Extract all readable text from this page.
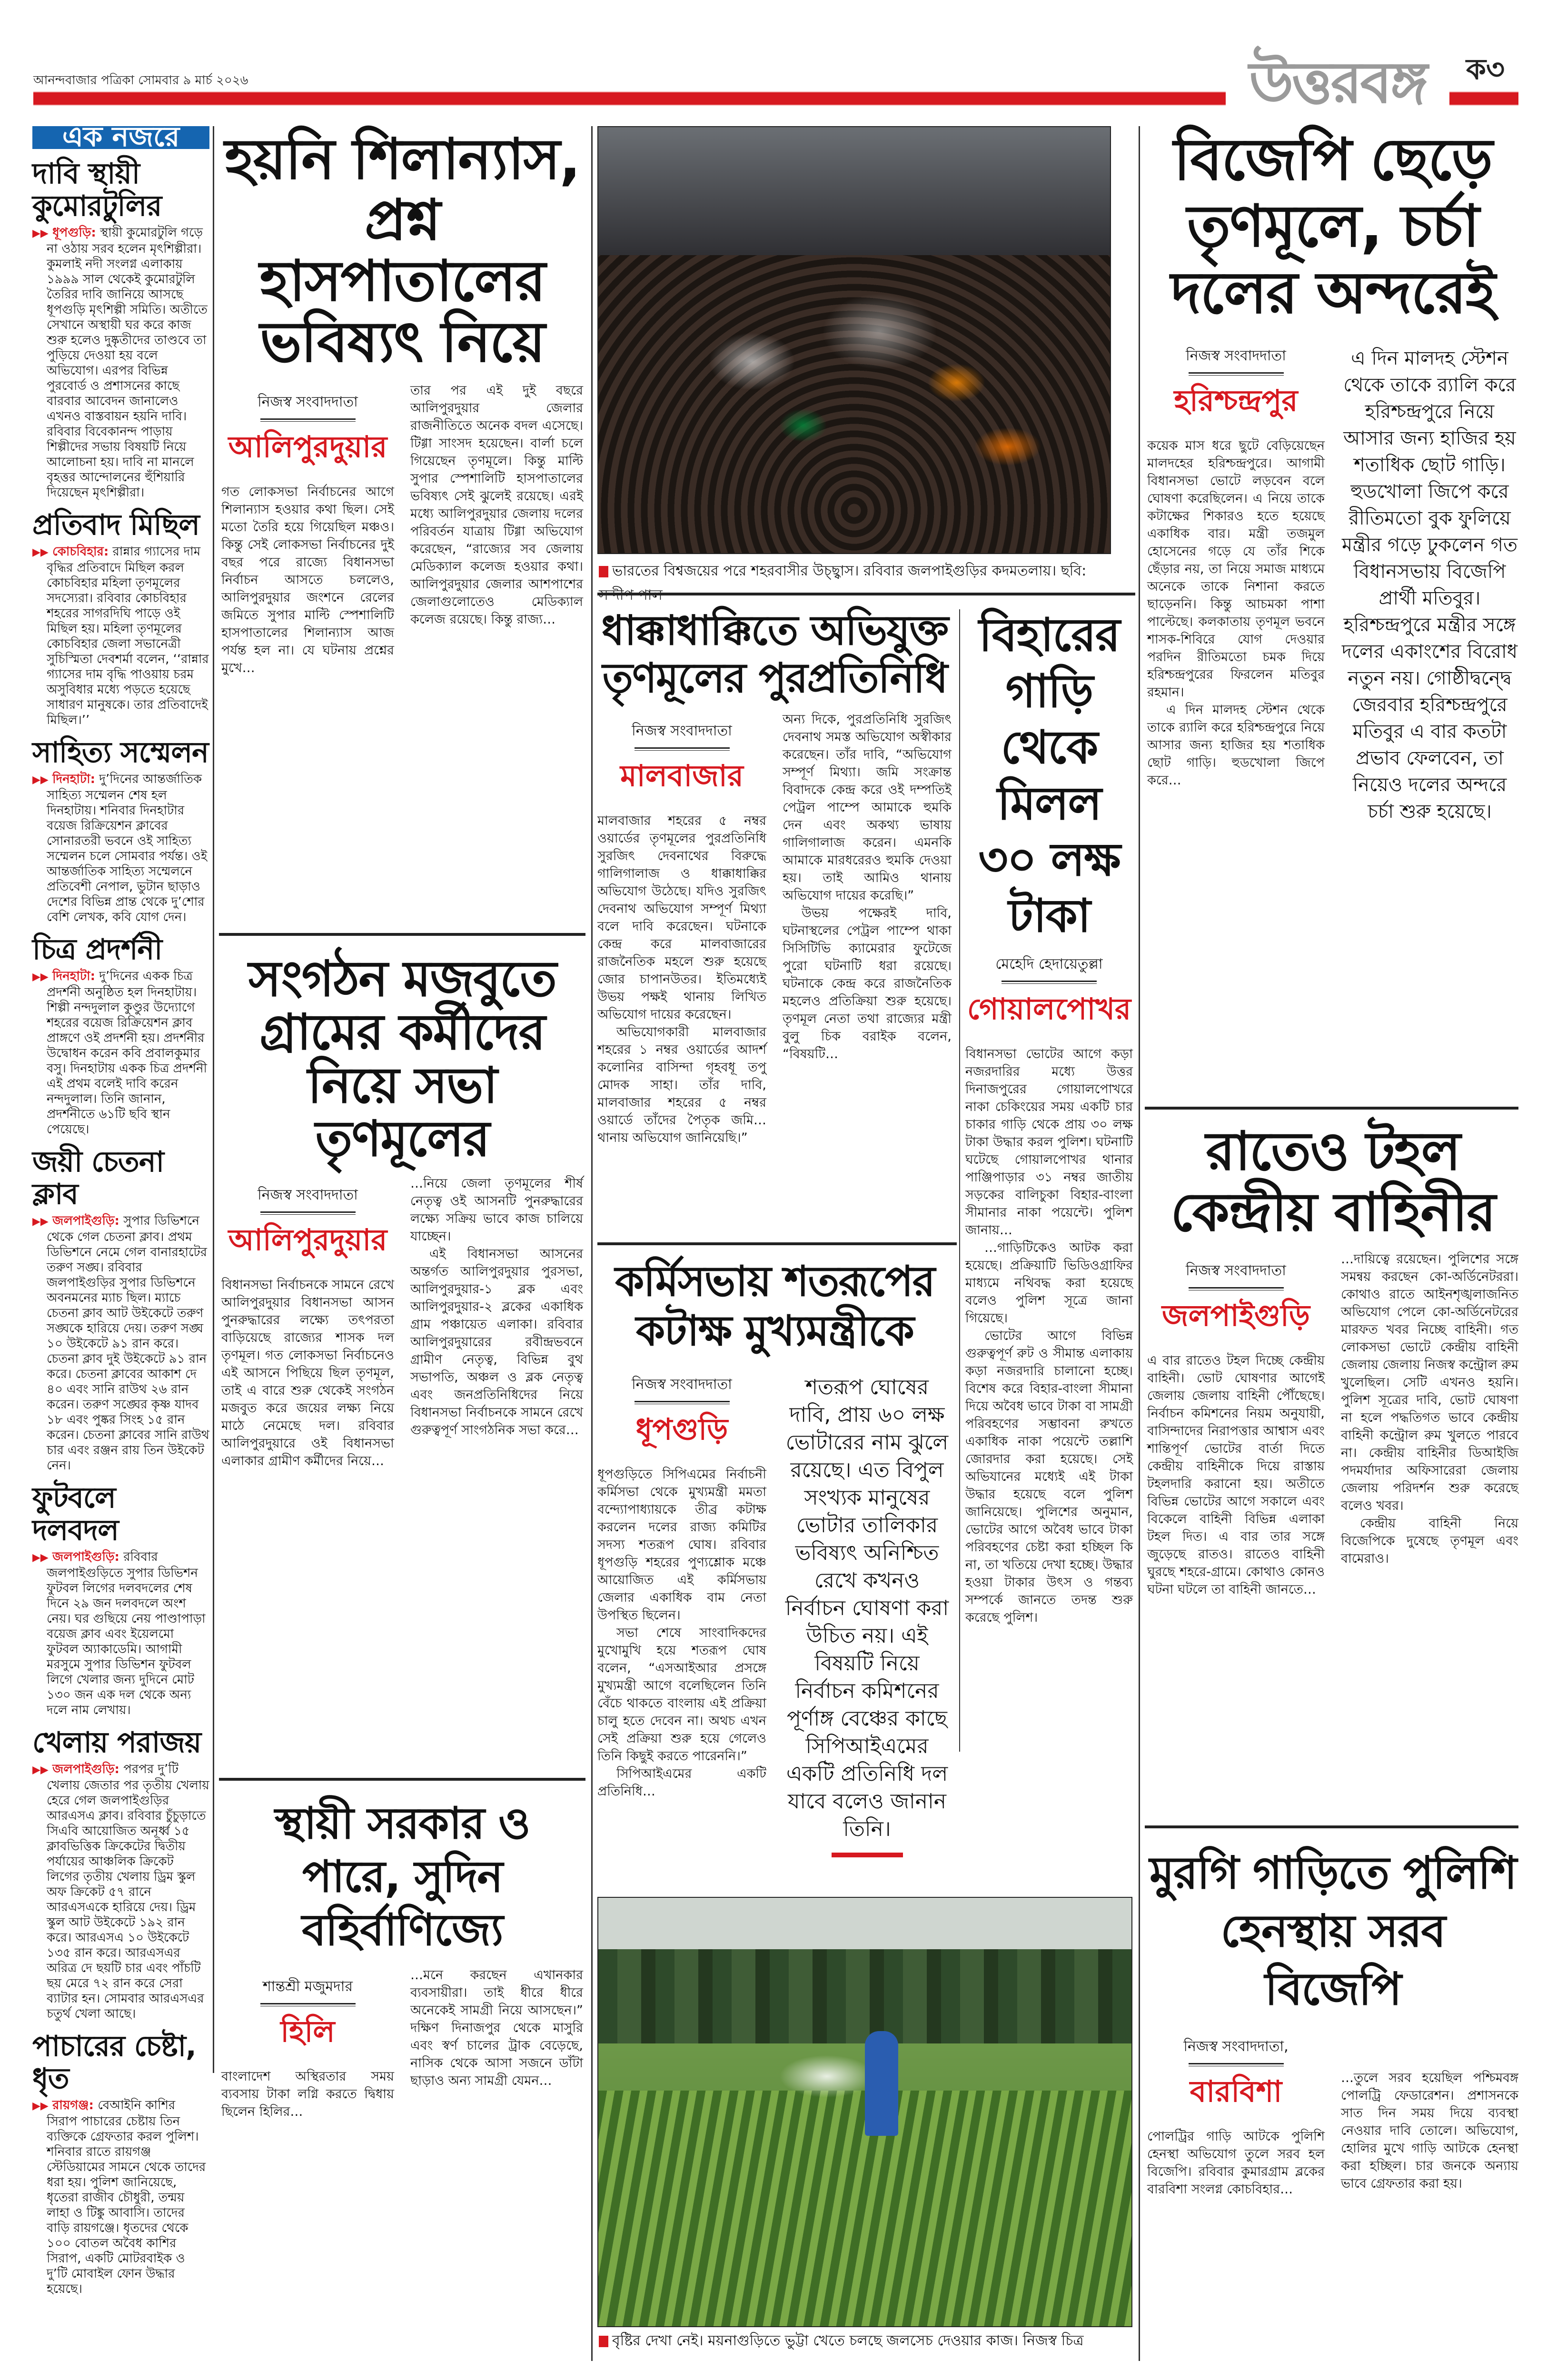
আনন্দবাজার পত্রিকা সোমবার ৯ মার্চ ২০২৬	উত্তরবঙ্গ	ক৩
এক নজরে
দাবি স্থায়ী কুমোরটুলির

▶▶ ধূপগুড়ি: স্থায়ী কুমোরটুলি গড়ে না ওঠায় সরব হলেন মৃৎশিল্পীরা। কুমলাই নদী সংলগ্ন এলাকায় ১৯৯৯ সাল থেকেই কুমোরটুলি তৈরির দাবি জানিয়ে আসছে ধূপগুড়ি মৃৎশিল্পী সমিতি। অতীতে সেখানে অস্থায়ী ঘর করে কাজ শুরু হলেও দুষ্কৃতীদের তাণ্ডবে তা পুড়িয়ে দেওয়া হয় বলে অভিযোগ। এরপর বিভিন্ন পুরবোর্ড ও প্রশাসনের কাছে বারবার আবেদন জানালেও এখনও বাস্তবায়ন হয়নি দাবি। রবিবার বিবেকানন্দ পাড়ায় শিল্পীদের সভায় বিষয়টি নিয়ে আলোচনা হয়। দাবি না মানলে বৃহত্তর আন্দোলনের হুঁশিয়ারি দিয়েছেন মৃৎশিল্পীরা।

প্রতিবাদ মিছিল

▶▶ কোচবিহার: রান্নার গ্যাসের দাম বৃদ্ধির প্রতিবাদে মিছিল করল কোচবিহার মহিলা তৃণমূলের সদস্যেরা। রবিবার কোচবিহার শহরের সাগরদিঘি পাড়ে ওই মিছিল হয়। মহিলা তৃণমূলের কোচবিহার জেলা সভানেত্রী সুচিস্মিতা দেবশর্মা বলেন, ‘‘রান্নার গ্যাসের দাম বৃদ্ধি পাওয়ায় চরম অসুবিধার মধ্যে পড়তে হয়েছে সাধারণ মানুষকে। তার প্রতিবাদেই মিছিল।’’

সাহিত্য সম্মেলন

▶▶ দিনহাটা: দু’দিনের আন্তর্জাতিক সাহিত্য সম্মেলন শেষ হল দিনহাটায়। শনিবার দিনহাটার বয়েজ রিক্রিয়েশন ক্লাবের সোনারতরী ভবনে ওই সাহিত্য সম্মেলন চলে সোমবার পর্যন্ত। ওই আন্তর্জাতিক সাহিত্য সম্মেলনে প্রতিবেশী নেপাল, ভুটান ছাড়াও দেশের বিভিন্ন প্রান্ত থেকে দু’শোর বেশি লেখক, কবি যোগ দেন।

চিত্র প্রদর্শনী

▶▶ দিনহাটা: দু’দিনের একক চিত্র প্রদর্শনী অনুষ্ঠিত হল দিনহাটায়। শিল্পী নন্দদুলাল কুণ্ডুর উদ্যোগে শহরের বয়েজ রিক্রিয়েশন ক্লাব প্রাঙ্গণে ওই প্রদর্শনী হয়। প্রদর্শনীর উদ্বোধন করেন কবি প্রবালকুমার বসু। দিনহাটায় একক চিত্র প্রদর্শনী এই প্রথম বলেই দাবি করেন নন্দদুলাল। তিনি জানান, প্রদর্শনীতে ৬১টি ছবি স্থান পেয়েছে।

জয়ী চেতনা ক্লাব

▶▶ জলপাইগুড়ি: সুপার ডিভিশনে থেকে গেল চেতনা ক্লাব। প্রথম ডিভিশনে নেমে গেল বানারহাটের তরুণ সঙ্ঘ। রবিবার জলপাইগুড়ির সুপার ডিভিশনে অবনমনের ম্যাচ ছিল। ম্যাচে চেতনা ক্লাব আট উইকেটে তরুণ সঙ্ঘকে হারিয়ে দেয়। তরুণ সঙ্ঘ ১০ উইকেটে ৯১ রান করে। চেতনা ক্লাব দুই উইকেটে ৯১ রান করে। চেতনা ক্লাবের আকাশ দে ৪০ এবং সানি রাউথ ২৬ রান করেন। তরুণ সঙ্ঘের কৃষ্ণ যাদব ১৮ এবং পুষ্কর সিংহ ১৫ রান করেন। চেতনা ক্লাবের সানি রাউথ চার এবং রঞ্জন রায় তিন উইকেট নেন।

ফুটবলে দলবদল

▶▶ জলপাইগুড়ি: রবিবার জলপাইগুড়িতে সুপার ডিভিশন ফুটবল লিগের দলবদলের শেষ দিনে ২৯ জন দলবদলে অংশ নেয়। ঘর গুছিয়ে নেয় পাণ্ডাপাড়া বয়েজ ক্লাব এবং ইয়েলমো ফুটবল অ্যাকাডেমি। আগামী মরসুমে সুপার ডিভিশন ফুটবল লিগে খেলার জন্য দুদিনে মোট ১৩০ জন এক দল থেকে অন্য দলে নাম লেখায়।

খেলায় পরাজয়

▶▶ জলপাইগুড়ি: পরপর দু’টি খেলায় জেতার পর তৃতীয় খেলায় হেরে গেল জলপাইগুড়ির আরএসএ ক্লাব। রবিবার চুঁচুড়াতে সিএবি আয়োজিত অনূর্ধ্ব ১৫ ক্লাবভিত্তিক ক্রিকেটের দ্বিতীয় পর্যায়ের আঞ্চলিক ক্রিকেট লিগের তৃতীয় খেলায় ড্রিম স্কুল অফ ক্রিকেট ৫৭ রানে আরএসএকে হারিয়ে দেয়। ড্রিম স্কুল আট উইকেটে ১৯২ রান করে। আরএসএ ১০ উইকেটে ১৩৫ রান করে। আরএসএর অরিত্র দে ছয়টি চার এবং পাঁচটি ছয় মেরে ৭২ রান করে সেরা ব্যাটার হন। সোমবার আরএসএর চতুর্থ খেলা আছে।

পাচারের চেষ্টা, ধৃত

▶▶ রায়গঞ্জ: বেআইনি কাশির সিরাপ পাচারের চেষ্টায় তিন ব্যক্তিকে গ্রেফতার করল পুলিশ। শনিবার রাতে রায়গঞ্জ স্টেডিয়ামের সামনে থেকে তাদের ধরা হয়। পুলিশ জানিয়েছে, ধৃতেরা রাজীব চৌধুরী, তন্ময় লাহা ও টিঙ্কু আবাসি। তাদের বাড়ি রায়গঞ্জে। ধৃতদের থেকে ১০০ বোতল অবৈধ কাশির সিরাপ, একটি মোটরবাইক ও দু’টি মোবাইল ফোন উদ্ধার হয়েছে।

হয়নি শিলান্যাস, প্রশ্ন হাসপাতালের ভবিষ্যৎ নিয়ে
নিজস্ব সংবাদদাতা
আলিপুরদুয়ার

গত লোকসভা নির্বাচনের আগে শিলান্যাস হওয়ার কথা ছিল। সেই মতো তৈরি হয়ে গিয়েছিল মঞ্চও। কিন্তু সেই লোকসভা নির্বাচনের দুই বছর পরে রাজ্যে বিধানসভা নির্বাচন আসতে চললেও, আলিপুরদুয়ার জংশনে রেলের জমিতে সুপার মাল্টি স্পেশালিটি হাসপাতালের শিলান্যাস আজ পর্যন্ত হল না। যে ঘটনায় প্রশ্নের মুখে…

তার পর এই দুই বছরে আলিপুরদুয়ার জেলার রাজনীতিতে অনেক বদল এসেছে। টিগ্গা সাংসদ হয়েছেন। বার্লা চলে গিয়েছেন তৃণমূলে। কিন্তু মাল্টি সুপার স্পেশালিটি হাসপাতালের ভবিষ্যৎ সেই ঝুলেই রয়েছে। এরই মধ্যে আলিপুরদুয়ার জেলায় দলের পরিবর্তন যাত্রায় টিগ্গা অভিযোগ করেছেন, “রাজ্যের সব জেলায় মেডিক্যাল কলেজ হওয়ার কথা। আলিপুরদুয়ার জেলার আশপাশের জেলাগুলোতেও মেডিক্যাল কলেজ রয়েছে। কিন্তু রাজ্য…

সংগঠন মজবুতে গ্রামের কর্মীদের নিয়ে সভা তৃণমূলের
নিজস্ব সংবাদদাতা
আলিপুরদুয়ার

বিধানসভা নির্বাচনকে সামনে রেখে আলিপুরদুয়ার বিধানসভা আসন পুনরুদ্ধারের লক্ষ্যে তৎপরতা বাড়িয়েছে রাজ্যের শাসক দল তৃণমূল। গত লোকসভা নির্বাচনেও এই আসনে পিছিয়ে ছিল তৃণমূল, তাই এ বারে শুরু থেকেই সংগঠন মজবুত করে জয়ের লক্ষ্য নিয়ে মাঠে নেমেছে দল। রবিবার আলিপুরদুয়ারে ওই বিধানসভা এলাকার গ্রামীণ কর্মীদের নিয়ে…

…নিয়ে জেলা তৃণমূলের শীর্ষ নেতৃত্ব ওই আসনটি পুনরুদ্ধারের লক্ষ্যে সক্রিয় ভাবে কাজ চালিয়ে যাচ্ছেন।

এই বিধানসভা আসনের অন্তর্গত আলিপুরদুয়ার পুরসভা, আলিপুরদুয়ার-১ ব্লক এবং আলিপুরদুয়ার-২ ব্লকের একাধিক গ্রাম পঞ্চায়েত এলাকা। রবিবার আলিপুরদুয়ারের রবীন্দ্রভবনে গ্রামীণ নেতৃত্ব, বিভিন্ন বুথ সভাপতি, অঞ্চল ও ব্লক নেতৃত্ব এবং জনপ্রতিনিধিদের নিয়ে বিধানসভা নির্বাচনকে সামনে রেখে গুরুত্বপূর্ণ সাংগঠনিক সভা করে…

স্থায়ী সরকার ও পারে, সুদিন বহির্বাণিজ্যে
শান্তশ্রী মজুমদার
হিলি

বাংলাদেশ অস্থিরতার সময় ব্যবসায় টাকা লগ্নি করতে দ্বিধায় ছিলেন হিলির…

…মনে করছেন এখানকার ব্যবসায়ীরা। তাই ধীরে ধীরে অনেকেই সামগ্রী নিয়ে আসছেন।” দক্ষিণ দিনাজপুর থেকে মাসুরি এবং স্বর্ণ চালের ট্রাক বেড়েছে, নাসিক থেকে আসা সজনে ডাঁটা ছাড়াও অন্য সামগ্রী যেমন…

ভারতের বিশ্বজয়ের পরে শহরবাসীর উচ্ছ্বাস। রবিবার জলপাইগুড়ির কদমতলায়। ছবি:
ধাক্কাধাক্কিতে অভিযুক্ত তৃণমূলের পুরপ্রতিনিধি
নিজস্ব সংবাদদাতা
মালবাজার

মালবাজার শহরের ৫ নম্বর ওয়ার্ডের তৃণমূলের পুরপ্রতিনিধি সুরজিৎ দেবনাথের বিরুদ্ধে গালিগালাজ ও ধাক্কাধাক্কির অভিযোগ উঠেছে। যদিও সুরজিৎ দেবনাথ অভিযোগ সম্পূর্ণ মিথ্যা বলে দাবি করেছেন। ঘটনাকে কেন্দ্র করে মালবাজারের রাজনৈতিক মহলে শুরু হয়েছে জোর চাপানউতর। ইতিমধ্যেই উভয় পক্ষই থানায় লিখিত অভিযোগ দায়ের করেছেন।

অভিযোগকারী মালবাজার শহরের ১ নম্বর ওয়ার্ডের আদর্শ কলোনির বাসিন্দা গৃহবধূ তপু মোদক সাহা। তাঁর দাবি, মালবাজার শহরের ৫ নম্বর ওয়ার্ডে তাঁদের পৈতৃক জমি… থানায় অভিযোগ জানিয়েছি।”

অন্য দিকে, পুরপ্রতিনিধি সুরজিৎ দেবনাথ সমস্ত অভিযোগ অস্বীকার করেছেন। তাঁর দাবি, “অভিযোগ সম্পূর্ণ মিথ্যা। জমি সংক্রান্ত বিবাদকে কেন্দ্র করে ওই দম্পতিই পেট্রল পাম্পে আমাকে হুমকি দেন এবং অকথ্য ভাষায় গালিগালাজ করেন। এমনকি আমাকে মারধরেরও হুমকি দেওয়া হয়। তাই আমিও থানায় অভিযোগ দায়ের করেছি।”

উভয় পক্ষেরই দাবি, ঘটনাস্থলের পেট্রল পাম্পে থাকা সিসিটিভি ক্যামেরার ফুটেজে পুরো ঘটনাটি ধরা রয়েছে। ঘটনাকে কেন্দ্র করে রাজনৈতিক মহলেও প্রতিক্রিয়া শুরু হয়েছে। তৃণমূল নেতা তথা রাজ্যের মন্ত্রী বুলু চিক বরাইক বলেন, “বিষয়টি…

বিহারের গাড়ি থেকে মিলল ৩০ লক্ষ টাকা
মেহেদি হেদায়েতুল্লা
গোয়ালপোখর

বিধানসভা ভোটের আগে কড়া নজরদারির মধ্যে উত্তর দিনাজপুরের গোয়ালপোখরে নাকা চেকিংয়ের সময় একটি চার চাকার গাড়ি থেকে প্রায় ৩০ লক্ষ টাকা উদ্ধার করল পুলিশ। ঘটনাটি ঘটেছে গোয়ালপোখর থানার পাঞ্জিপাড়ার ৩১ নম্বর জাতীয় সড়কের বালিচুকা বিহার-বাংলা সীমানার নাকা পয়েন্টে। পুলিশ জানায়…

…গাড়িটিকেও আটক করা হয়েছে। প্রক্রিয়াটি ভিডিওগ্রাফির মাধ্যমে নথিবদ্ধ করা হয়েছে বলেও পুলিশ সূত্রে জানা গিয়েছে।

ভোটের আগে বিভিন্ন গুরুত্বপূর্ণ রুট ও সীমান্ত এলাকায় কড়া নজরদারি চালানো হচ্ছে। বিশেষ করে বিহার-বাংলা সীমানা দিয়ে অবৈধ ভাবে টাকা বা সামগ্রী পরিবহণের সম্ভাবনা রুখতে একাধিক নাকা পয়েন্টে তল্লাশি জোরদার করা হয়েছে। সেই অভিযানের মধ্যেই এই টাকা উদ্ধার হয়েছে বলে পুলিশ জানিয়েছে। পুলিশের অনুমান, ভোটের আগে অবৈধ ভাবে টাকা পরিবহণের চেষ্টা করা হচ্ছিল কি না, তা খতিয়ে দেখা হচ্ছে। উদ্ধার হওয়া টাকার উৎস ও গন্তব্য সম্পর্কে জানতে তদন্ত শুরু করেছে পুলিশ।

কর্মিসভায় শতরূপের কটাক্ষ মুখ্যমন্ত্রীকে
নিজস্ব সংবাদদাতা
ধূপগুড়ি

ধূপগুড়িতে সিপিএমের নির্বাচনী কর্মিসভা থেকে মুখ্যমন্ত্রী মমতা বন্দ্যোপাধ্যায়কে তীব্র কটাক্ষ করলেন দলের রাজ্য কমিটির সদস্য শতরূপ ঘোষ। রবিবার ধূপগুড়ি শহরের পুণ্যশ্লোক মঞ্চে আয়োজিত এই কর্মিসভায় জেলার একাধিক বাম নেতা উপস্থিত ছিলেন।

সভা শেষে সাংবাদিকদের মুখোমুখি হয়ে শতরূপ ঘোষ বলেন, “এসআইআর প্রসঙ্গে মুখ্যমন্ত্রী আগে বলেছিলেন তিনি বেঁচে থাকতে বাংলায় এই প্রক্রিয়া চালু হতে দেবেন না। অথচ এখন সেই প্রক্রিয়া শুরু হয়ে গেলেও তিনি কিছুই করতে পারেননি।”

সিপিআইএমের একটি প্রতিনিধি…

শতরূপ ঘোষের দাবি, প্রায় ৬০ লক্ষ ভোটারের নাম ঝুলে রয়েছে। এত বিপুল সংখ্যক মানুষের ভোটার তালিকার ভবিষ্যৎ অনিশ্চিত রেখে কখনও নির্বাচন ঘোষণা করা উচিত নয়। এই বিষয়টি নিয়ে নির্বাচন কমিশনের পূর্ণাঙ্গ বেঞ্চের কাছে সিপিআইএমের একটি প্রতিনিধি দল যাবে বলেও জানান তিনি।
বৃষ্টির দেখা নেই। ময়নাগুড়িতে ভুট্টা খেতে চলছে জলসেচ দেওয়ার কাজ। নিজস্ব চিত্র
বিজেপি ছেড়ে তৃণমূলে, চর্চা দলের অন্দরেই
নিজস্ব সংবাদদাতা
হরিশ্চন্দ্রপুর

কয়েক মাস ধরে ছুটে বেড়িয়েছেন মালদহের হরিশ্চন্দ্রপুরে। আগামী বিধানসভা ভোটে লড়বেন বলে ঘোষণা করেছিলেন। এ নিয়ে তাকে কটাক্ষের শিকারও হতে হয়েছে একাধিক বার। মন্ত্রী তজমুল হোসেনের গড়ে যে তাঁর শিকে ছেঁড়ার নয়, তা নিয়ে সমাজ মাধ্যমে অনেকে তাকে নিশানা করতে ছাড়েননি। কিন্তু আচমকা পাশা পাল্টেছে। কলকাতায় তৃণমূল ভবনে শাসক-শিবিরে যোগ দেওয়ার পরদিন রীতিমতো চমক দিয়ে হরিশ্চন্দ্রপুরের ফিরলেন মতিবুর রহমান।

এ দিন মালদহ স্টেশন থেকে তাকে র‍্যালি করে হরিশ্চন্দ্রপুরে নিয়ে আসার জন্য হাজির হয় শতাধিক ছোট গাড়ি। হুডখোলা জিপে করে…

এ দিন মালদহ স্টেশন থেকে তাকে র‍্যালি করে হরিশ্চন্দ্রপুরে নিয়ে আসার জন্য হাজির হয় শতাধিক ছোট গাড়ি। হুডখোলা জিপে করে রীতিমতো বুক ফুলিয়ে মন্ত্রীর গড়ে ঢুকলেন গত বিধানসভায় বিজেপি প্রার্থী মতিবুর। হরিশ্চন্দ্রপুরে মন্ত্রীর সঙ্গে দলের একাংশের বিরোধ নতুন নয়। গোষ্ঠীদ্বন্দ্বে জেরবার হরিশ্চন্দ্রপুরে মতিবুর এ বার কতটা প্রভাব ফেলবেন, তা নিয়েও দলের অন্দরে চর্চা শুরু হয়েছে।
রাতেও টহল কেন্দ্রীয় বাহিনীর
নিজস্ব সংবাদদাতা
জলপাইগুড়ি

এ বার রাতেও টহল দিচ্ছে কেন্দ্রীয় বাহিনী। ভোট ঘোষণার আগেই জেলায় জেলায় বাহিনী পৌঁছেছে। নির্বাচন কমিশনের নিয়ম অনুযায়ী, বাসিন্দাদের নিরাপত্তার আশ্বাস এবং শান্তিপূর্ণ ভোটের বার্তা দিতে কেন্দ্রীয় বাহিনীকে দিয়ে রাস্তায় টহলদারি করানো হয়। অতীতে বিভিন্ন ভোটের আগে সকালে এবং বিকেলে বাহিনী বিভিন্ন এলাকা টহল দিত। এ বার তার সঙ্গে জুড়েছে রাতও। রাতেও বাহিনী ঘুরছে শহরে-গ্রামে। কোথাও কোনও ঘটনা ঘটলে তা বাহিনী জানতে…

…দায়িত্বে রয়েছেন। পুলিশের সঙ্গে সমন্বয় করছেন কো-অর্ডিনেটররা। কোথাও রাতে আইনশৃঙ্খলাজনিত অভিযোগ পেলে কো-অর্ডিনেটরের মারফত খবর নিচ্ছে বাহিনী। গত লোকসভা ভোটে কেন্দ্রীয় বাহিনী জেলায় জেলায় নিজস্ব কন্ট্রোল রুম খুলেছিল। সেটি এখনও হয়নি। পুলিশ সূত্রের দাবি, ভোট ঘোষণা না হলে পদ্ধতিগত ভাবে কেন্দ্রীয় বাহিনী কন্ট্রোল রুম খুলতে পারবে না। কেন্দ্রীয় বাহিনীর ডিআইজি পদমর্যাদার অফিসারেরা জেলায় জেলায় পরিদর্শন শুরু করেছে বলেও খবর।

কেন্দ্রীয় বাহিনী নিয়ে বিজেপিকে দুষেছে তৃণমূল এবং বামেরাও।

মুরগি গাড়িতে পুলিশি হেনস্থায় সরব বিজেপি
নিজস্ব সংবাদদাতা,
বারবিশা

পোলট্রির গাড়ি আটকে পুলিশি হেনস্থা অভিযোগ তুলে সরব হল বিজেপি। রবিবার কুমারগ্রাম ব্লকের বারবিশা সংলগ্ন কোচবিহার…

…তুলে সরব হয়েছিল পশ্চিমবঙ্গ পোলট্রি ফেডারেশন। প্রশাসনকে সাত দিন সময় দিয়ে ব্যবস্থা নেওয়ার দাবি তোলে। অভিযোগ, হোলির মুখে গাড়ি আটকে হেনস্থা করা হচ্ছিল। চার জনকে অন্যায় ভাবে গ্রেফতার করা হয়।
